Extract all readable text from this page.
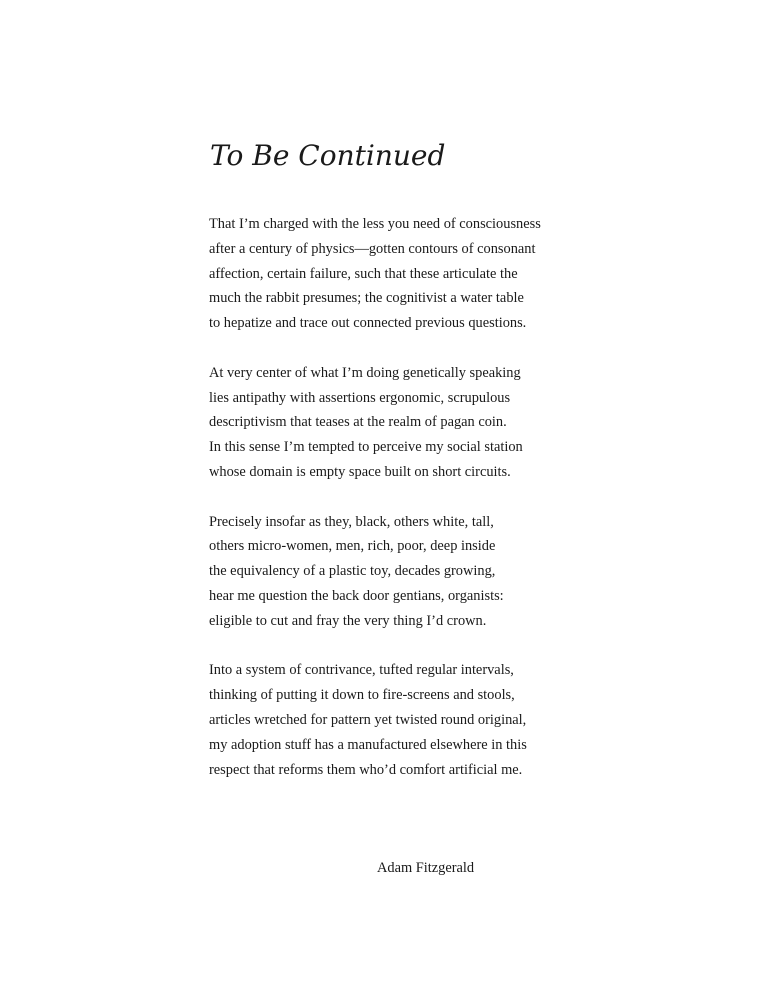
To Be Continued
That I’m charged with the less you need of consciousness
after a century of physics—gotten contours of consonant
affection, certain failure, such that these articulate the
much the rabbit presumes; the cognitivist a water table
to hepatize and trace out connected previous questions.
At very center of what I’m doing genetically speaking
lies antipathy with assertions ergonomic, scrupulous
descriptivism that teases at the realm of pagan coin.
In this sense I’m tempted to perceive my social station
whose domain is empty space built on short circuits.
Precisely insofar as they, black, others white, tall,
others micro-women, men, rich, poor, deep inside
the equivalency of a plastic toy, decades growing,
hear me question the back door gentians, organists:
eligible to cut and fray the very thing I’d crown.
Into a system of contrivance, tufted regular intervals,
thinking of putting it down to fire-screens and stools,
articles wretched for pattern yet twisted round original,
my adoption stuff has a manufactured elsewhere in this
respect that reforms them who’d comfort artificial me.

Adam Fitzgerald
